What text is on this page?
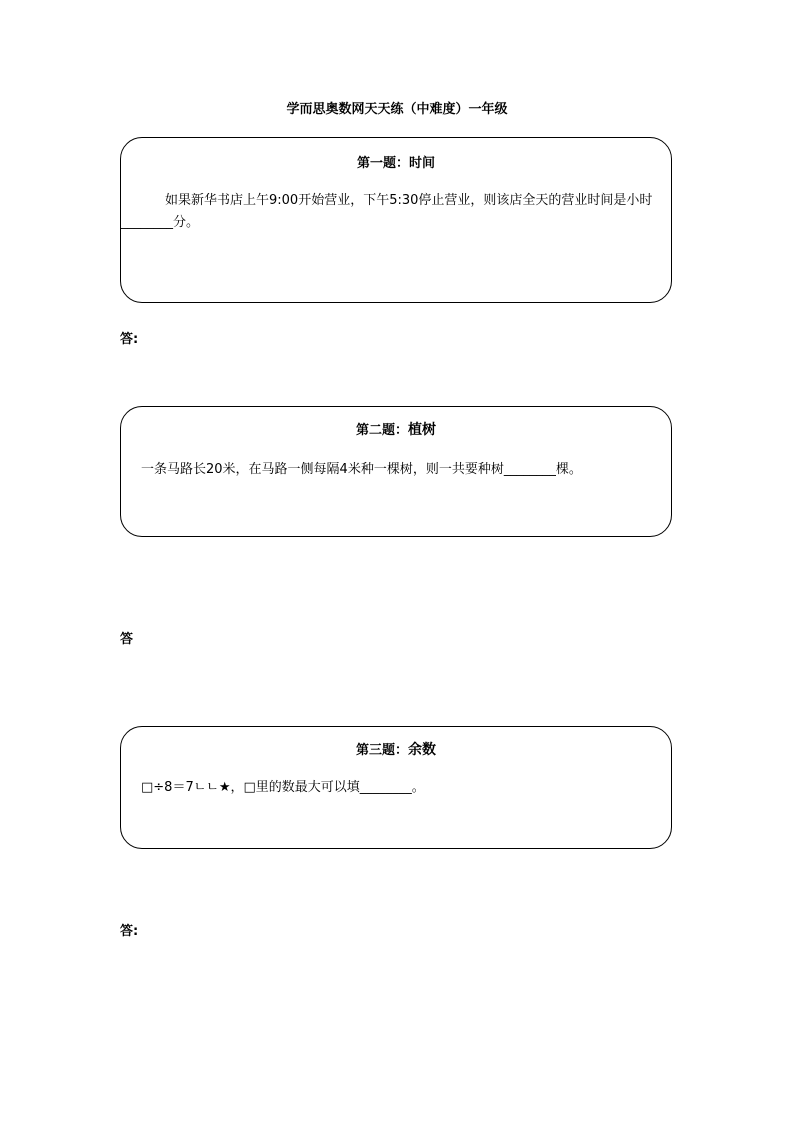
学而思奥数网天天练（中难度）一年级
第一题：时间
如果新华书店上午9:00开始营业，下午5:30停止营业，则该店全天的营业时间是小时________分。
答:
第二题：植树
一条马路长20米，在马路一侧每隔4米种一棵树，则一共要种树________棵。
答
第三题：余数
□÷8＝7ㄴㄴ★，□里的数最大可以填________。
答:
